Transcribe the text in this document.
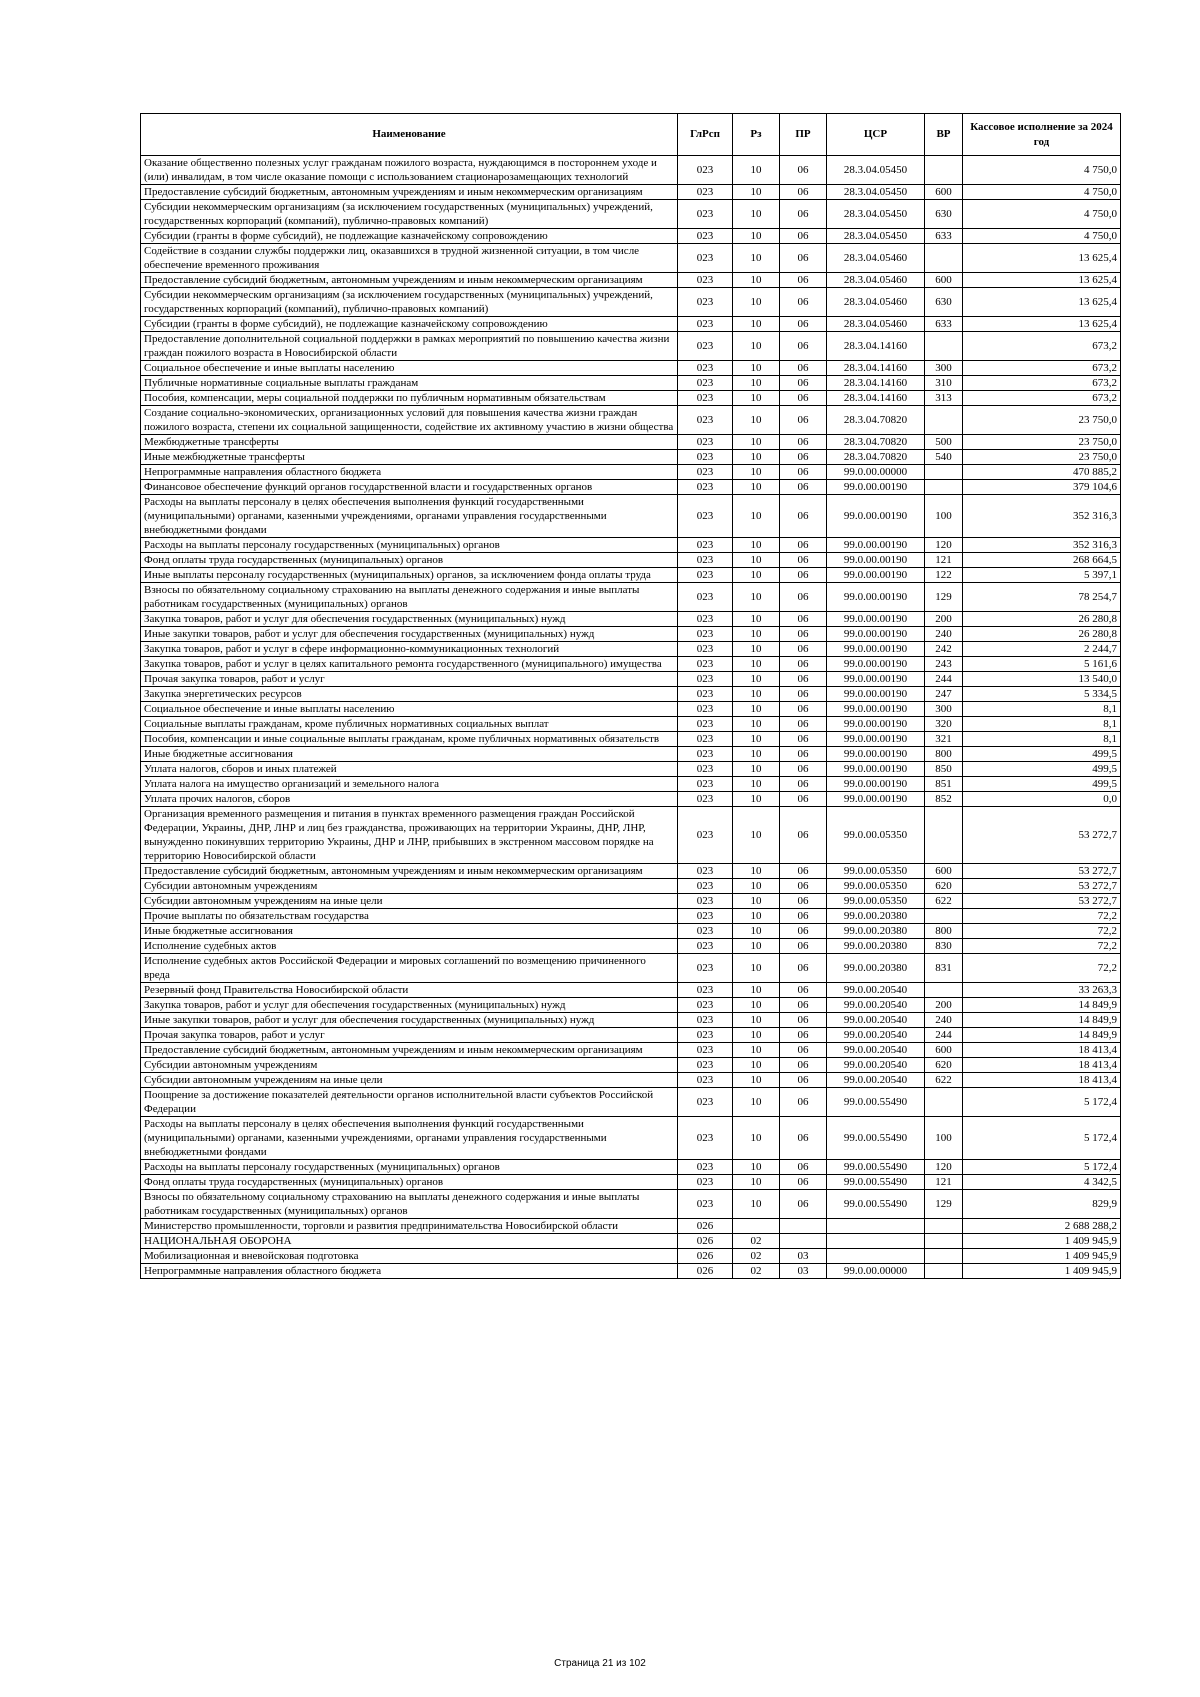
Наименование	ГлРсп	Рз	ПР	ЦСР	ВР	Кассовое исполнение за 2024 год
Оказание общественно полезных услуг гражданам пожилого возраста, нуждающимся в постороннем уходе и (или) инвалидам, в том числе оказание помощи с использованием стационарозамещающих технологий	023	10	06	28.3.04.05450		4 750,0
Предоставление субсидий бюджетным, автономным учреждениям и иным некоммерческим организациям	023	10	06	28.3.04.05450	600	4 750,0
Субсидии некоммерческим организациям (за исключением государственных (муниципальных) учреждений, государственных корпораций (компаний), публично-правовых компаний)	023	10	06	28.3.04.05450	630	4 750,0
Субсидии (гранты в форме субсидий), не подлежащие казначейскому сопровождению	023	10	06	28.3.04.05450	633	4 750,0
Содействие в создании службы поддержки лиц, оказавшихся в трудной жизненной ситуации, в том числе обеспечение временного проживания	023	10	06	28.3.04.05460		13 625,4
Предоставление субсидий бюджетным, автономным учреждениям и иным некоммерческим организациям	023	10	06	28.3.04.05460	600	13 625,4
Субсидии некоммерческим организациям (за исключением государственных (муниципальных) учреждений, государственных корпораций (компаний), публично-правовых компаний)	023	10	06	28.3.04.05460	630	13 625,4
Субсидии (гранты в форме субсидий), не подлежащие казначейскому сопровождению	023	10	06	28.3.04.05460	633	13 625,4
Предоставление дополнительной социальной поддержки в рамках мероприятий по повышению качества жизни граждан пожилого возраста в Новосибирской области	023	10	06	28.3.04.14160		673,2
Социальное обеспечение и иные выплаты населению	023	10	06	28.3.04.14160	300	673,2
Публичные нормативные социальные выплаты гражданам	023	10	06	28.3.04.14160	310	673,2
Пособия, компенсации, меры социальной поддержки по публичным нормативным обязательствам	023	10	06	28.3.04.14160	313	673,2
Создание социально-экономических, организационных условий для повышения качества жизни граждан пожилого возраста, степени их социальной защищенности, содействие их активному участию в жизни общества	023	10	06	28.3.04.70820		23 750,0
Межбюджетные трансферты	023	10	06	28.3.04.70820	500	23 750,0
Иные межбюджетные трансферты	023	10	06	28.3.04.70820	540	23 750,0
Непрограммные направления областного бюджета	023	10	06	99.0.00.00000		470 885,2
Финансовое обеспечение функций органов государственной власти и государственных органов	023	10	06	99.0.00.00190		379 104,6
Расходы на выплаты персоналу в целях обеспечения выполнения функций государственными (муниципальными) органами, казенными учреждениями, органами управления государственными внебюджетными фондами	023	10	06	99.0.00.00190	100	352 316,3
Расходы на выплаты персоналу государственных (муниципальных) органов	023	10	06	99.0.00.00190	120	352 316,3
Фонд оплаты труда государственных (муниципальных) органов	023	10	06	99.0.00.00190	121	268 664,5
Иные выплаты персоналу государственных (муниципальных) органов, за исключением фонда оплаты труда	023	10	06	99.0.00.00190	122	5 397,1
Взносы по обязательному социальному страхованию на выплаты денежного содержания и иные выплаты работникам государственных (муниципальных) органов	023	10	06	99.0.00.00190	129	78 254,7
Закупка товаров, работ и услуг для обеспечения государственных (муниципальных) нужд	023	10	06	99.0.00.00190	200	26 280,8
Иные закупки товаров, работ и услуг для обеспечения государственных (муниципальных) нужд	023	10	06	99.0.00.00190	240	26 280,8
Закупка товаров, работ и услуг в сфере информационно-коммуникационных технологий	023	10	06	99.0.00.00190	242	2 244,7
Закупка товаров, работ и услуг в целях капитального ремонта государственного (муниципального) имущества	023	10	06	99.0.00.00190	243	5 161,6
Прочая закупка товаров, работ и услуг	023	10	06	99.0.00.00190	244	13 540,0
Закупка энергетических ресурсов	023	10	06	99.0.00.00190	247	5 334,5
Социальное обеспечение и иные выплаты населению	023	10	06	99.0.00.00190	300	8,1
Социальные выплаты гражданам, кроме публичных нормативных социальных выплат	023	10	06	99.0.00.00190	320	8,1
Пособия, компенсации и иные социальные выплаты гражданам, кроме публичных нормативных обязательств	023	10	06	99.0.00.00190	321	8,1
Иные бюджетные ассигнования	023	10	06	99.0.00.00190	800	499,5
Уплата налогов, сборов и иных платежей	023	10	06	99.0.00.00190	850	499,5
Уплата налога на имущество организаций и земельного налога	023	10	06	99.0.00.00190	851	499,5
Уплата прочих налогов, сборов	023	10	06	99.0.00.00190	852	0,0
Организация временного размещения и питания в пунктах временного размещения граждан Российской Федерации, Украины, ДНР, ЛНР и лиц без гражданства, проживающих на территории Украины, ДНР, ЛНР, вынужденно покинувших территорию Украины, ДНР и ЛНР, прибывших в экстренном массовом порядке на территорию Новосибирской области	023	10	06	99.0.00.05350		53 272,7
Предоставление субсидий бюджетным, автономным учреждениям и иным некоммерческим организациям	023	10	06	99.0.00.05350	600	53 272,7
Субсидии автономным учреждениям	023	10	06	99.0.00.05350	620	53 272,7
Субсидии автономным учреждениям на иные цели	023	10	06	99.0.00.05350	622	53 272,7
Прочие выплаты по обязательствам государства	023	10	06	99.0.00.20380		72,2
Иные бюджетные ассигнования	023	10	06	99.0.00.20380	800	72,2
Исполнение судебных актов	023	10	06	99.0.00.20380	830	72,2
Исполнение судебных актов Российской Федерации и мировых соглашений по возмещению причиненного вреда	023	10	06	99.0.00.20380	831	72,2
Резервный фонд Правительства Новосибирской области	023	10	06	99.0.00.20540		33 263,3
Закупка товаров, работ и услуг для обеспечения государственных (муниципальных) нужд	023	10	06	99.0.00.20540	200	14 849,9
Иные закупки товаров, работ и услуг для обеспечения государственных (муниципальных) нужд	023	10	06	99.0.00.20540	240	14 849,9
Прочая закупка товаров, работ и услуг	023	10	06	99.0.00.20540	244	14 849,9
Предоставление субсидий бюджетным, автономным учреждениям и иным некоммерческим организациям	023	10	06	99.0.00.20540	600	18 413,4
Субсидии автономным учреждениям	023	10	06	99.0.00.20540	620	18 413,4
Субсидии автономным учреждениям на иные цели	023	10	06	99.0.00.20540	622	18 413,4
Поощрение за достижение показателей деятельности органов исполнительной власти субъектов Российской Федерации	023	10	06	99.0.00.55490		5 172,4
Расходы на выплаты персоналу в целях обеспечения выполнения функций государственными (муниципальными) органами, казенными учреждениями, органами управления государственными внебюджетными фондами	023	10	06	99.0.00.55490	100	5 172,4
Расходы на выплаты персоналу государственных (муниципальных) органов	023	10	06	99.0.00.55490	120	5 172,4
Фонд оплаты труда государственных (муниципальных) органов	023	10	06	99.0.00.55490	121	4 342,5
Взносы по обязательному социальному страхованию на выплаты денежного содержания и иные выплаты работникам государственных (муниципальных) органов	023	10	06	99.0.00.55490	129	829,9
Министерство промышленности, торговли и развития предпринимательства Новосибирской области	026					2 688 288,2
НАЦИОНАЛЬНАЯ ОБОРОНА	026	02				1 409 945,9
Мобилизационная и вневойсковая подготовка	026	02	03			1 409 945,9
Непрограммные направления областного бюджета	026	02	03	99.0.00.00000		1 409 945,9
Страница 21 из 102
